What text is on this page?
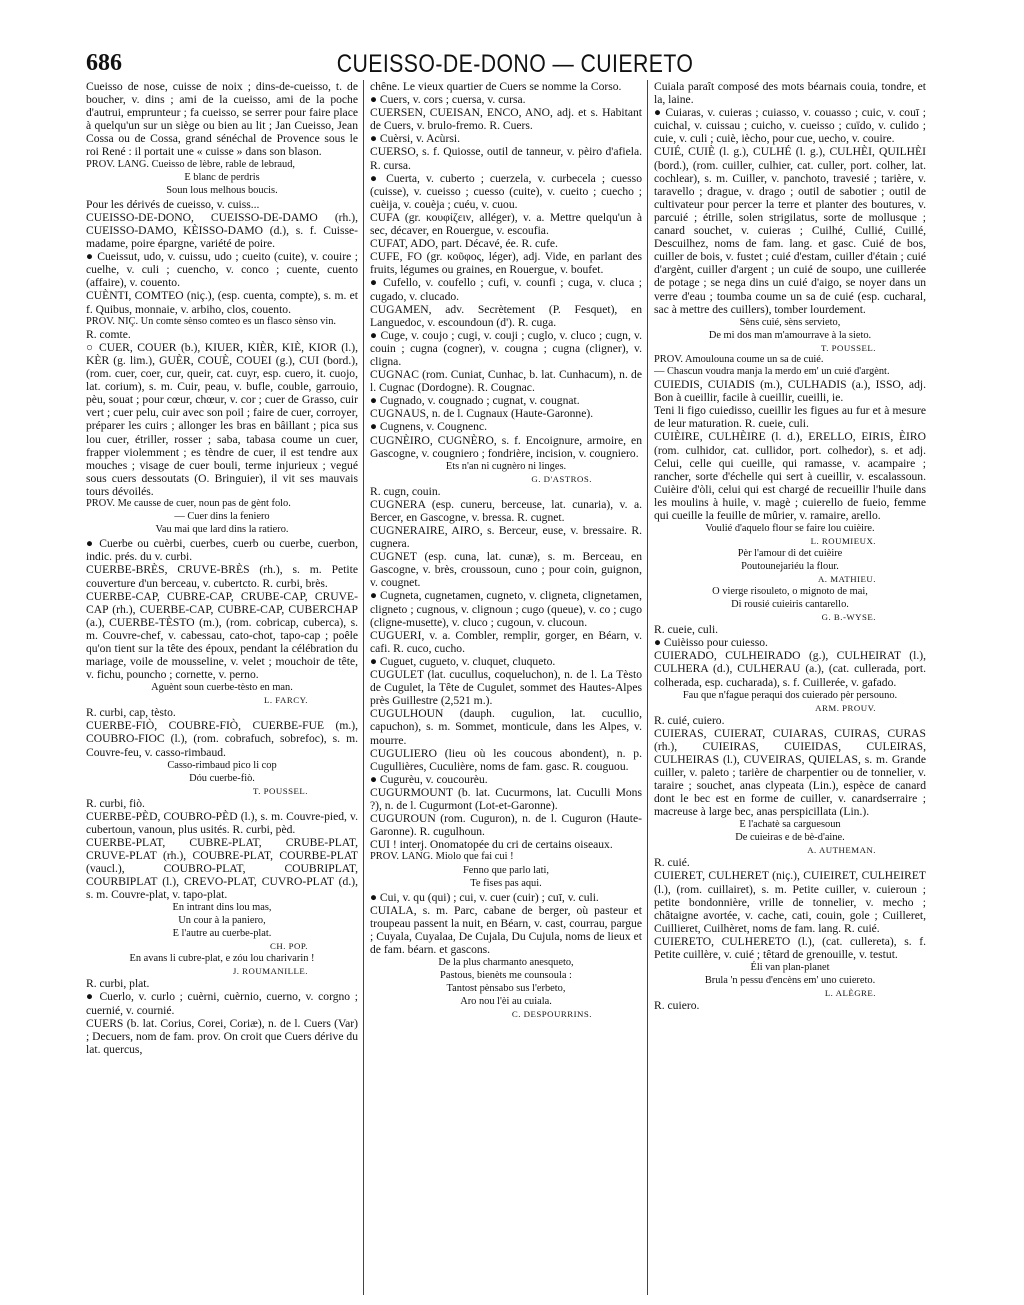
686	CUEISSO-DE-DONO — CUIERETO
Cueisso de nose, cuisse de noix ; dins-de-cueisso, t. de boucher, v. dins ; ami de la cueisso, ami de la poche d'autrui, emprunteur ; fa cueisso, se serrer pour faire place à quelqu'un sur un siège ou bien au lit ; Jan Cueisso, Jean Cossa ou de Cossa, grand sénéchal de Provence sous le roi René : il portait une « cuisse » dans son blason.
PROV. LANG. Cueisso de lèbre, rable de lebraud,
E blanc de perdris
Soun lous melhous boucis.
Pour les dérivés de cueisso, v. cuiss...
CUEISSO-DE-DONO, CUEISSO-DE-DAMO (rh.), CUEISSO-DAMO, KÈISSO-DAMO (d.), s. f. Cuisse-madame, poire épargne, variété de poire.
● Cueissut, udo, v. cuissu, udo ; cueito (cuite), v. couire ; cuelhe, v. culi ; cuencho, v. conco ; cuente, cuento (affaire), v. couento.
CUÈNTI, COMTEO (niç.), (esp. cuenta, compte), s. m. et f. Quibus, monnaie, v. arbiho, clos, couento.
PROV. NIÇ. Un comte sènso comteo es un flasco sènso vin.
R. comte.
○ CUER, COUER (b.), KIUER, KIÈR, KIÈ, KIOR (l.), KÈR (g. lim.), GUÈR, COUÈ, COUEI (g.), CUI (bord.), (rom. cuer, coer, cur, queir, cat. cuyr, esp. cuero, it. cuojo, lat. corium), s. m. Cuir, peau, v. bufle, couble, garrouio, pèu, souat ; pour cœur, chœur, v. cor ; cuer de Grasso, cuir vert ; cuer pelu, cuir avec son poil ; faire de cuer, corroyer, préparer les cuirs ; allonger les bras en bâillant ; pica sus lou cuer, étriller, rosser ; saba, tabasa coume un cuer, frapper violemment ; es tèndre de cuer, il est tendre aux mouches ; visage de cuer bouli, terme injurieux ; vegué sous cuers dessoutats (O. Bringuier), il vit ses mauvais tours dévoilés.
PROV. Me causse de cuer, noun pas de gènt folo.
— Cuer dins la feniero
Vau mai que lard dins la ratiero.
● Cuerbe ou cuèrbi, cuerbes, cuerb ou cuerbe, cuerbon, indic. prés. du v. curbi.
CUERBE-BRÈS, CRUVE-BRÈS (rh.), s. m. Petite couverture d'un berceau, v. cubertcto. R. curbi, brès.
CUERBE-CAP, CUBRE-CAP, CRUBE-CAP, CRUVE-CAP (rh.), CUERBE-CAP, CUBRE-CAP, CUBERCHAP (a.), CUERBE-TÈSTO (m.), (rom. cobricap, cuberca), s. m. Couvre-chef, v. cabessau, cato-chot, tapo-cap ; poêle qu'on tient sur la tête des époux, pendant la célébration du mariage, voile de mousseline, v. velet ; mouchoir de tête, v. fichu, pouncho ; cornette, v. perno.
Aguènt soun cuerbe-tèsto en man.
L. FARCY.
R. curbi, cap, tèsto.
CUERBE-FIÒ, COUBRE-FIÒ, CUERBE-FUE (m.), COUBRO-FIOC (l.), (rom. cobrafuch, sobrefoc), s. m. Couvre-feu, v. casso-rimbaud.
Casso-rimbaud pico li cop
Dóu cuerbe-fiò.
T. POUSSEL.
R. curbi, fiò.
CUERBE-PÈD, COUBRO-PÈD (l.), s. m. Couvre-pied, v. cubertoun, vanoun, plus usités. R. curbi, pèd.
CUERBE-PLAT, CUBRE-PLAT, CRUBE-PLAT, CRUVE-PLAT (rh.), COUBRE-PLAT, COURBE-PLAT (vaucl.), COUBRO-PLAT, COUBRIPLAT, COURBIPLAT (l.), CREVO-PLAT, CUVRO-PLAT (d.), s. m. Couvre-plat, v. tapo-plat.
En intrant dins lou mas,
Un cour à la paniero,
E l'autre au cuerbe-plat.
CH. POP.
En avans li cubre-plat, e zóu lou charivarin !
J. ROUMANILLE.
R. curbi, plat.
● Cuerlo, v. curlo ; cuèrni, cuèrnio, cuerno, v. corgno ; cuernié, v. cournié.
CUERS (b. lat. Corius, Corei, Coriæ), n. de l. Cuers (Var) ; Decuers, nom de fam. prov. On croit que Cuers dérive du lat. quercus,
chêne. Le vieux quartier de Cuers se nomme la Corso.
● Cuers, v. cors ; cuersa, v. cursa.
CUERSEN, CUEISAN, ENCO, ANO, adj. et s. Habitant de Cuers, v. brulo-fremo. R. Cuers.
● Cuèrsi, v. Acùrsi.
CUERSO, s. f. Quiosse, outil de tanneur, v. pèiro d'afiela. R. cursa.
● Cuerta, v. cuberto ; cuerzela, v. curbecela ; cuesso (cuisse), v. cueisso ; cuesso (cuite), v. cueito ; cuecho ; cuèija, v. couèja ; cuéu, v. cuou.
CUFA (gr. κουφίζειν, alléger), v. a. Mettre quelqu'un à sec, décaver, en Rouergue, v. escoufia.
CUFAT, ADO, part. Décavé, ée. R. cufe.
CUFE, FO (gr. κοῦφος, léger), adj. Vide, en parlant des fruits, légumes ou graines, en Rouergue, v. boufet.
● Cufello, v. coufello ; cufi, v. counfi ; cuga, v. cluca ; cugado, v. clucado.
CUGAMEN, adv. Secrètement (P. Fesquet), en Languedoc, v. escoundoun (d'). R. cuga.
● Cuge, v. coujo ; cugi, v. couji ; cuglo, v. cluco ; cugn, v. couin ; cugna (cogner), v. cougna ; cugna (cligner), v. cligna.
CUGNAC (rom. Cuniat, Cunhac, b. lat. Cunhacum), n. de l. Cugnac (Dordogne). R. Cougnac.
● Cugnado, v. cougnado ; cugnat, v. cougnat.
CUGNAUS, n. de l. Cugnaux (Haute-Garonne).
● Cugnens, v. Cougnenc.
CUGNÈIRO, CUGNÈRO, s. f. Encoignure, armoire, en Gascogne, v. cougniero ; fondrière, incision, v. cougniero.
Ets n'an ni cugnèro ni linges.
G. D'ASTROS.
R. cugn, couin.
CUGNERA (esp. cuneru, berceuse, lat. cunaria), v. a. Bercer, en Gascogne, v. bressa. R. cugnet.
CUGNERAIRE, AIRO, s. Berceur, euse, v. bressaire. R. cugnera.
CUGNET (esp. cuna, lat. cunæ), s. m. Berceau, en Gascogne, v. brès, croussoun, cuno ; pour coin, guignon, v. cougnet.
● Cugneta, cugnetamen, cugneto, v. cligneta, clignetamen, cligneto ; cugnous, v. clignoun ; cugo (queue), v. co ; cugo (cligne-musette), v. cluco ; cugoun, v. clucoun.
CUGUERI, v. a. Combler, remplir, gorger, en Béarn, v. cafi. R. cuco, cucho.
● Cuguet, cugueto, v. cluquet, cluqueto.
CUGULET (lat. cucullus, coqueluchon), n. de l. La Tèsto de Cugulet, la Tête de Cugulet, sommet des Hautes-Alpes près Guillestre (2,521 m.).
CUGULHOUN (dauph. cugulion, lat. cucullio, capuchon), s. m. Sommet, monticule, dans les Alpes, v. mourre.
CUGULIERO (lieu où les coucous abondent), n. p. Cugullières, Cuculière, noms de fam. gasc. R. couguou.
● Cugurèu, v. coucourèu.
CUGURMOUNT (b. lat. Cucurmons, lat. Cuculli Mons ?), n. de l. Cugurmont (Lot-et-Garonne).
CUGUROUN (rom. Cuguron), n. de l. Cuguron (Haute-Garonne). R. cugulhoun.
CUI ! interj. Onomatopée du cri de certains oiseaux.
PROV. LANG. Miolo que fai cui !
Fenno que parlo lati,
Te fises pas aqui.
● Cui, v. qu (qui) ; cui, v. cuer (cuir) ; cuī, v. culi.
CUIALA, s. m. Parc, cabane de berger, où pasteur et troupeau passent la nuit, en Béarn, v. cast, courrau, pargue ; Cuyala, Cuyalaa, De Cujala, Du Cujula, noms de lieux et de fam. béarn. et gascons.
De la plus charmanto anesqueto,
Pastous, bienèts me counsoula :
Tantost pènsabo sus l'erbeto,
Aro nou l'èi au cuiala.
C. DESPOURRINS.
Cuiala paraît composé des mots béarnais couia, tondre, et la, laine.
● Cuiaras, v. cuieras ; cuiasso, v. couasso ; cuic, v. couī ; cuichal, v. cuissau ; cuicho, v. cueisso ; cuïdo, v. culido ; cuie, v. culi ; cuiè, iècho, pour cue, uecho, v. couire.
CUIÉ, CUIÈ (l. g.), CULHÉ (l. g.), CULHÈI, QUILHÈI (bord.), (rom. cuiller, culhier, cat. culler, port. colher, lat. cochlear), s. m. Cuiller, v. panchoto, travesié ; tarière, v. taravello ; drague, v. drago ; outil de sabotier ; outil de cultivateur pour percer la terre et planter des boutures, v. parcuié ; étrille, solen strigilatus, sorte de mollusque ; canard souchet, v. cuieras ; Cuilhé, Cullié, Cuillé, Descuilhez, noms de fam. lang. et gasc. Cuié de bos, cuiller de bois, v. fustet ; cuié d'estam, cuiller d'étain ; cuié d'argènt, cuiller d'argent ; un cuié de soupo, une cuillerée de potage ; se nega dins un cuié d'aigo, se noyer dans un verre d'eau ; toumba coume un sa de cuié (esp. cucharal, sac à mettre des cuillers), tomber lourdement.
Sèns cuié, sèns servieto,
De mi dos man m'amourrave à la sieto.
T. POUSSEL.
PROV. Amoulouna coume un sa de cuié.
— Chascun voudra manja la merdo em' un cuié d'argènt.
CUIEDIS, CUIADIS (m.), CULHADIS (a.), ISSO, adj. Bon à cueillir, facile à cueillir, cueilli, ie.
Teni li figo cuiedisso, cueillir les figues au fur et à mesure de leur maturation. R. cueie, culi.
CUIÈIRE, CULHÈIRE (l. d.), ERELLO, EIRIS, ÈIRO (rom. culhidor, cat. cullidor, port. colhedor), s. et adj. Celui, celle qui cueille, qui ramasse, v. acampaire ; rancher, sorte d'échelle qui sert à cueillir, v. escalassoun. Cuièire d'òli, celui qui est chargé de recueillir l'huile dans les moulins à huile, v. magè ; cuierello de fueio, femme qui cueille la feuille de mûrier, v. ramaire, arello.
Voulié d'aquelo flour se faire lou cuièire.
L. ROUMIEUX.
Pèr l'amour di det cuièire
Poutounejariéu la flour.
A. MATHIEU.
O vierge risouleto, o mignoto de mai,
Di rousié cuieiris cantarello.
G. B.-WYSE.
R. cueie, culi.
● Cuièisso pour cuiesso.
CUIERADO, CULHEIRADO (g.), CULHEIRAT (l.), CULHERA (d.), CULHERAU (a.), (cat. cullerada, port. colherada, esp. cucharada), s. f. Cuillerée, v. gafado.
Fau que n'fague peraqui dos cuierado pèr persouno.
ARM. PROUV.
R. cuié, cuiero.
CUIERAS, CUIERAT, CUIARAS, CUIRAS, CURAS (rh.), CUIEIRAS, CUIEIDAS, CULEIRAS, CULHEIRAS (l.), CUVEIRAS, QUIELAS, s. m. Grande cuiller, v. paleto ; tarière de charpentier ou de tonnelier, v. taraire ; souchet, anas clypeata (Lin.), espèce de canard dont le bec est en forme de cuiller, v. canardserraire ; macreuse à large bec, anas perspicillata (Lin.).
E l'achatè sa carguesoun
De cuieiras e de bè-d'aine.
A. AUTHEMAN.
R. cuié.
CUIERET, CULHERET (niç.), CUIEIRET, CULHEIRET (l.), (rom. cuillairet), s. m. Petite cuiller, v. cuieroun ; petite bondonnière, vrille de tonnelier, v. mecho ; châtaigne avortée, v. cache, cati, couin, gole ; Cuilleret, Cuillieret, Cuilhèret, noms de fam. lang. R. cuié.
CUIERETO, CULHERETO (l.), (cat. cullereta), s. f. Petite cuillère, v. cuié ; têtard de grenouille, v. testut.
Éli van plan-planet
Brula 'n pessu d'encèns em' uno cuiereto.
L. ALÈGRE.
R. cuiero.
